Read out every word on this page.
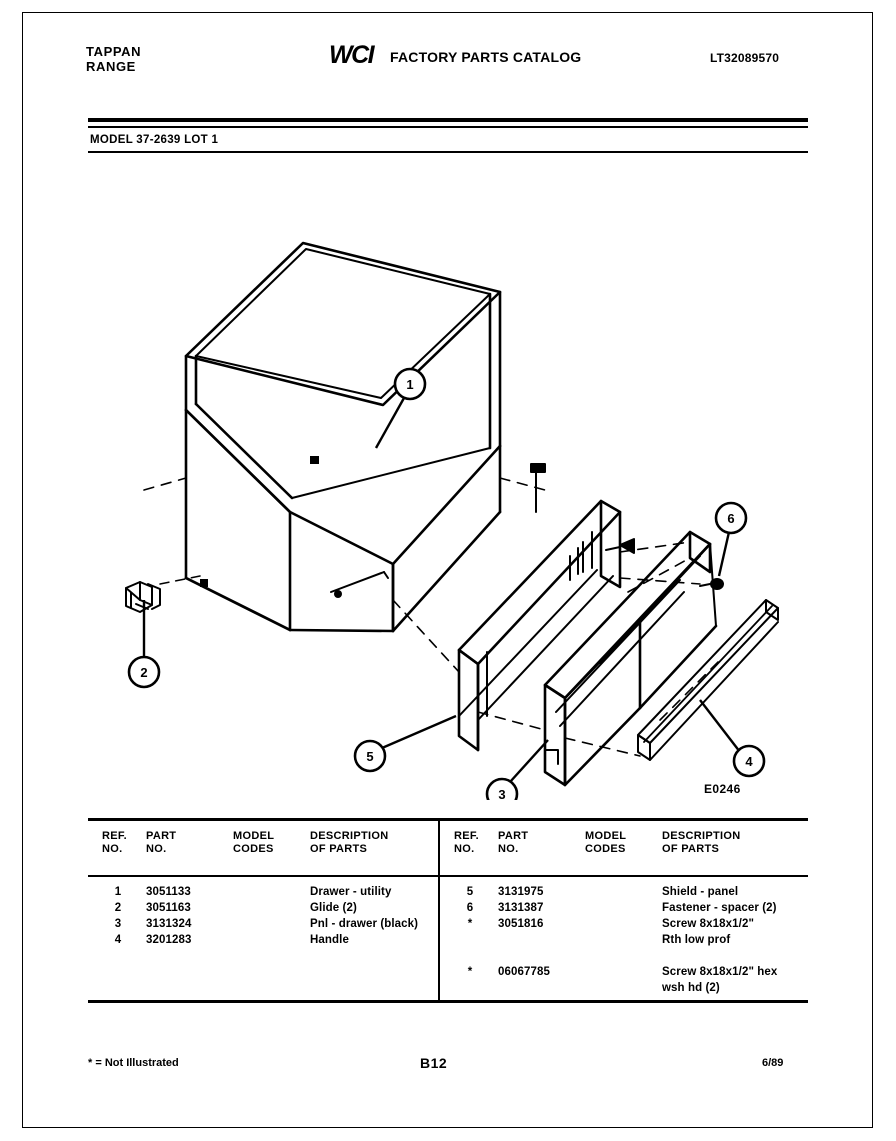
TAPPAN
RANGE	WCI FACTORY PARTS CATALOG	LT32089570
MODEL 37-2639 LOT 1
1
2
3
4
5
6
E0246
REF.
NO.
PART
NO.
MODEL
CODES
DESCRIPTION
OF PARTS
1	3051133	Drawer - utility
2	3051163	Glide (2)
3	3131324	Pnl - drawer (black)
4	3201283	Handle
REF.
NO.
PART
NO.
MODEL
CODES
DESCRIPTION
OF PARTS
5	3131975	Shield - panel
6	3131387	Fastener - spacer (2)
*	3051816	Screw 8x18x1/2"
Rth low prof
*	06067785	Screw 8x18x1/2" hex
wsh hd (2)
* = Not Illustrated	B12	6/89
